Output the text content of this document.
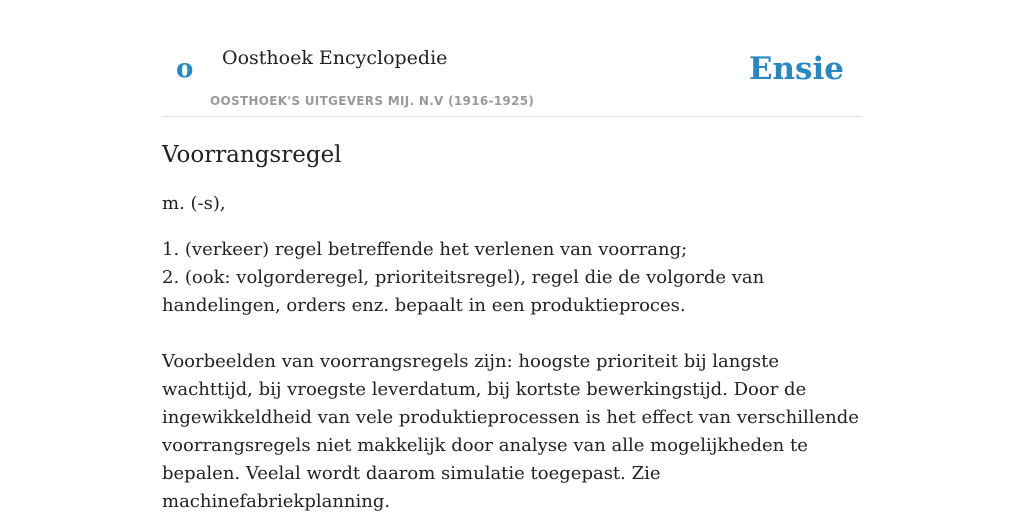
o Oosthoek Encyclopedie
OOSTHOEK'S UITGEVERS MIJ. N.V (1916-1925)
Ensie
Voorrangsregel

m. (-s),

1. (verkeer) regel betreffende het verlenen van voorrang;
2. (ook: volgorderegel, prioriteitsregel), regel die de volgorde van handelingen, orders enz. bepaalt in een produktieproces.

Voorbeelden van voorrangsregels zijn: hoogste prioriteit bij langste wachttijd, bij vroegste leverdatum, bij kortste bewerkingstijd. Door de ingewikkeldheid van vele produktieprocessen is het effect van verschillende voorrangsregels niet makkelijk door analyse van alle mogelijkheden te bepalen. Veelal wordt daarom simulatie toegepast. Zie machinefabriekplanning.
